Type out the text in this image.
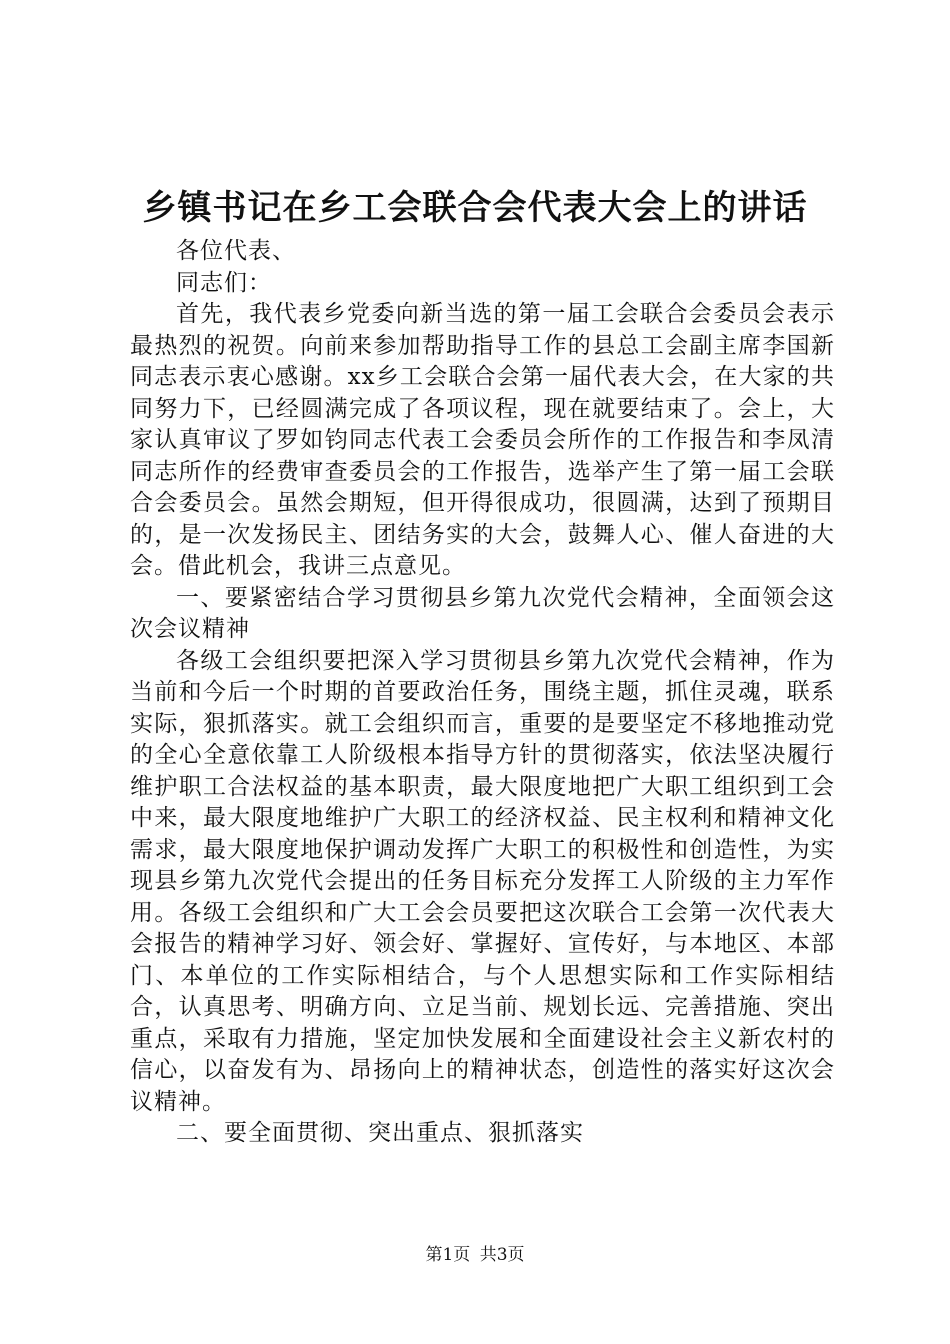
乡镇书记在乡工会联合会代表大会上的讲话

各位代表、

同志们：

首先，我代表乡党委向新当选的第一届工会联合会委员会表示最热烈的祝贺。向前来参加帮助指导工作的县总工会副主席李国新同志表示衷心感谢。xx乡工会联合会第一届代表大会，在大家的共同努力下，已经圆满完成了各项议程，现在就要结束了。会上，大家认真审议了罗如钧同志代表工会委员会所作的工作报告和李凤清同志所作的经费审查委员会的工作报告，选举产生了第一届工会联合会委员会。虽然会期短，但开得很成功，很圆满，达到了预期目的，是一次发扬民主、团结务实的大会，鼓舞人心、催人奋进的大会。借此机会，我讲三点意见。

一、要紧密结合学习贯彻县乡第九次党代会精神，全面领会这次会议精神

各级工会组织要把深入学习贯彻县乡第九次党代会精神，作为当前和今后一个时期的首要政治任务，围绕主题，抓住灵魂，联系实际，狠抓落实。就工会组织而言，重要的是要坚定不移地推动党的全心全意依靠工人阶级根本指导方针的贯彻落实，依法坚决履行维护职工合法权益的基本职责，最大限度地把广大职工组织到工会中来，最大限度地维护广大职工的经济权益、民主权利和精神文化需求，最大限度地保护调动发挥广大职工的积极性和创造性，为实现县乡第九次党代会提出的任务目标充分发挥工人阶级的主力军作用。各级工会组织和广大工会会员要把这次联合工会第一次代表大会报告的精神学习好、领会好、掌握好、宣传好，与本地区、本部门、本单位的工作实际相结合，与个人思想实际和工作实际相结合，认真思考、明确方向、立足当前、规划长远、完善措施、突出重点，采取有力措施，坚定加快发展和全面建设社会主义新农村的信心，以奋发有为、昂扬向上的精神状态，创造性的落实好这次会议精神。

二、要全面贯彻、突出重点、狠抓落实

第1页 共3页
